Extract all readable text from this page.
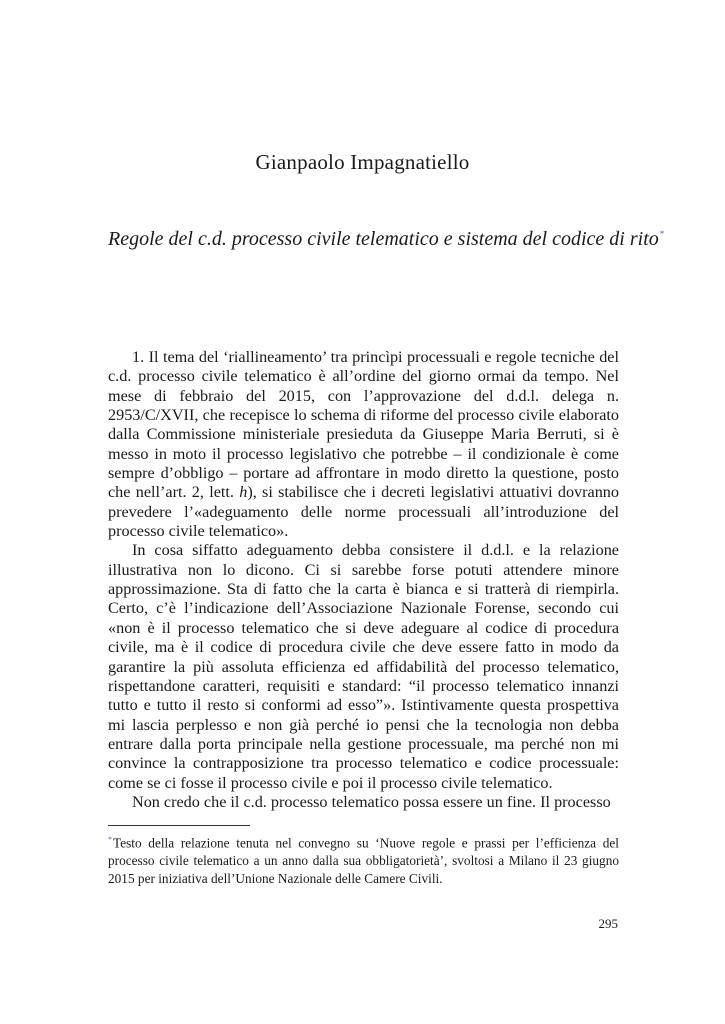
Gianpaolo Impagnatiello
Regole del c.d. processo civile telematico e sistema del codice di rito*

1. Il tema del ‘riallineamento’ tra princìpi processuali e regole tecniche del c.d. processo civile telematico è all’ordine del giorno ormai da tempo. Nel mese di febbraio del 2015, con l’approvazione del d.d.l. delega n. 2953/C/XVII, che recepisce lo schema di riforme del processo civile elaborato dalla Commissione ministeriale presieduta da Giuseppe Maria Berruti, si è messo in moto il processo legislativo che potrebbe – il condizionale è come sempre d’obbligo – portare ad affrontare in modo diretto la questione, posto che nell’art. 2, lett. h), si stabilisce che i decreti legislativi attuativi dovranno prevedere l’«adeguamento delle norme processuali all’introduzione del processo civile telematico».

In cosa siffatto adeguamento debba consistere il d.d.l. e la relazione illustrativa non lo dicono. Ci si sarebbe forse potuti attendere minore approssimazione. Sta di fatto che la carta è bianca e si tratterà di riempirla. Certo, c’è l’indicazione dell’Associazione Nazionale Forense, secondo cui «non è il processo telematico che si deve adeguare al codice di procedura civile, ma è il codice di procedura civile che deve essere fatto in modo da garantire la più assoluta efficienza ed affidabilità del processo telematico, rispettandone caratteri, requisiti e standard: “il processo telematico innanzi tutto e tutto il resto si conformi ad esso”». Istintivamente questa prospettiva mi lascia perplesso e non già perché io pensi che la tecnologia non debba entrare dalla porta principale nella gestione processuale, ma perché non mi convince la contrapposizione tra processo telematico e codice processuale: come se ci fosse il processo civile e poi il processo civile telematico.

Non credo che il c.d. processo telematico possa essere un fine. Il processo

*Testo della relazione tenuta nel convegno su ‘Nuove regole e prassi per l’efficienza del processo civile telematico a un anno dalla sua obbligatorietà’, svoltosi a Milano il 23 giugno 2015 per iniziativa dell’Unione Nazionale delle Camere Civili.
295
